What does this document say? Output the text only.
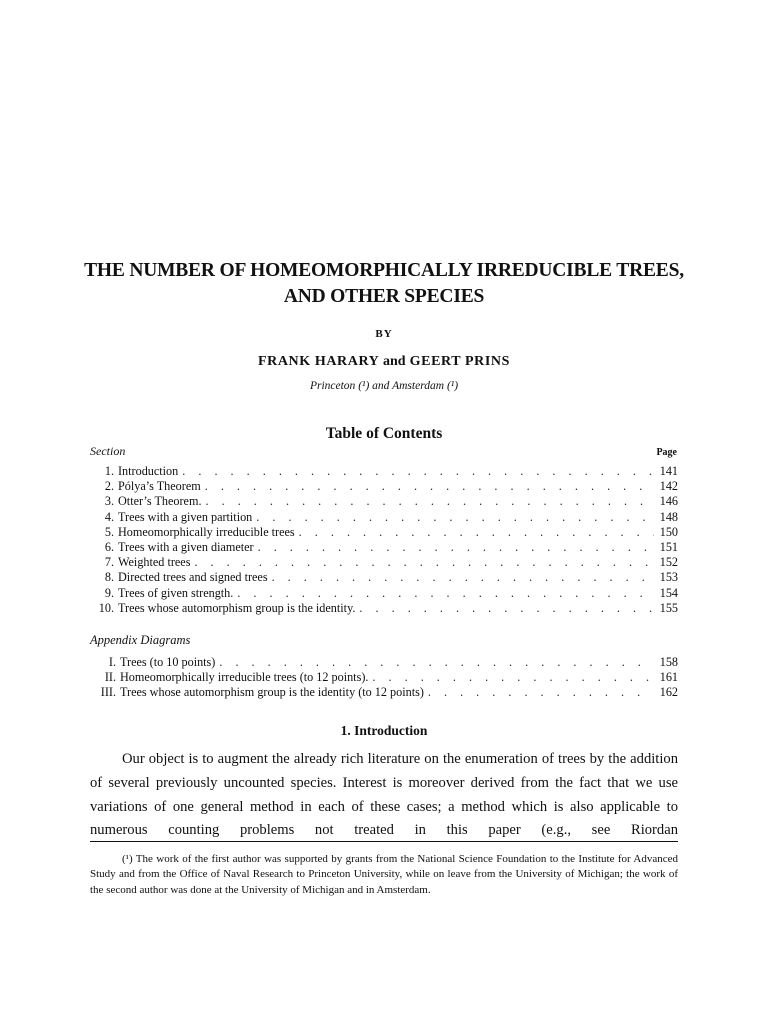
THE NUMBER OF HOMEOMORPHICALLY IRREDUCIBLE TREES,
AND OTHER SPECIES
BY
FRANK HARARY and GEERT PRINS
Princeton (¹) and Amsterdam (¹)
Table of Contents
Section	Page
1. Introduction . . .	141
2. Pólya’s Theorem . . .	142
3. Otter’s Theorem. . . .	146
4. Trees with a given partition . . .	148
5. Homeomorphically irreducible trees . . .	150
6. Trees with a given diameter . . .	151
7. Weighted trees . . .	152
8. Directed trees and signed trees . . .	153
9. Trees of given strength. . . .	154
10. Trees whose automorphism group is the identity. . . .	155
Appendix Diagrams
I. Trees (to 10 points) . . .	158
II. Homeomorphically irreducible trees (to 12 points). . . .	161
III. Trees whose automorphism group is the identity (to 12 points) . . .	162
1. Introduction

Our object is to augment the already rich literature on the enumeration of trees by the addition of several previously uncounted species. Interest is moreover derived from the fact that we use variations of one general method in each of these cases; a method which is also applicable to numerous counting problems not treated in this paper (e.g., see Riordan

(¹) The work of the first author was supported by grants from the National Science Foundation to the Institute for Advanced Study and from the Office of Naval Research to Princeton University, while on leave from the University of Michigan; the work of the second author was done at the University of Michigan and in Amsterdam.
